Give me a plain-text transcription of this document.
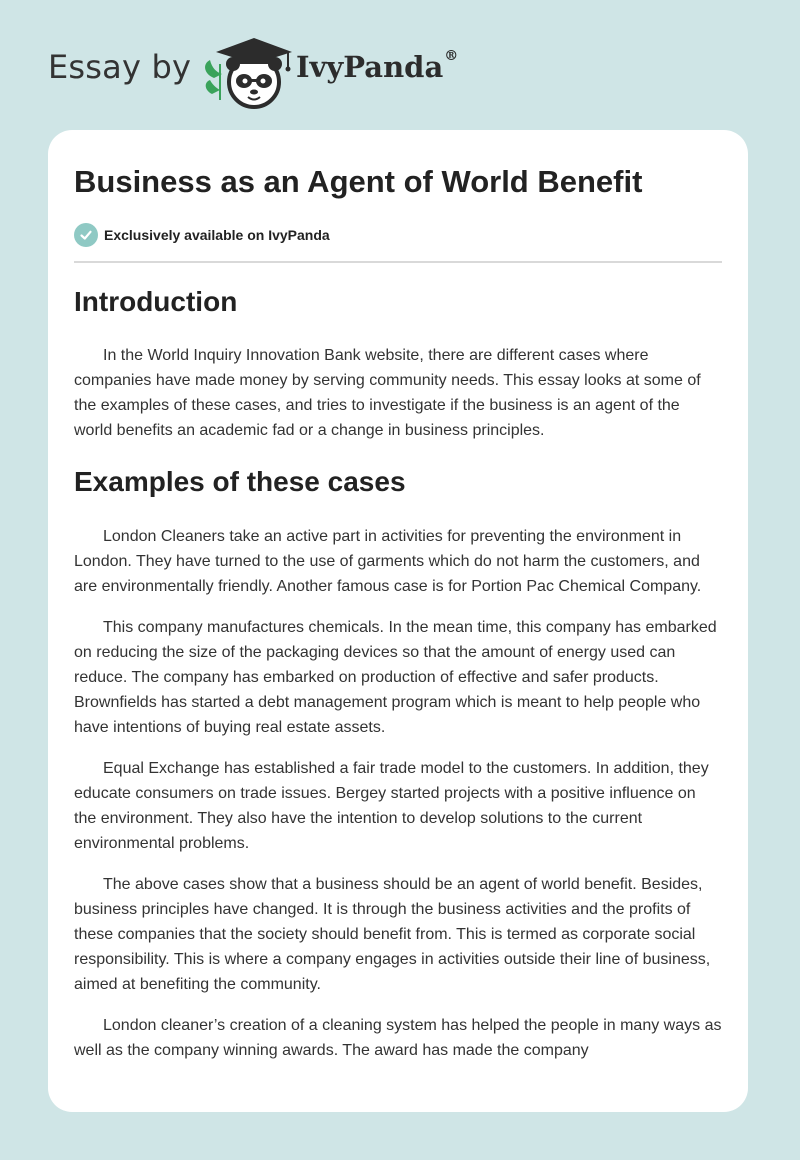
Essay by	IvyPanda®
Business as an Agent of World Benefit
Exclusively available on IvyPanda
Introduction

In the World Inquiry Innovation Bank website, there are different cases where companies have made money by serving community needs. This essay looks at some of the examples of these cases, and tries to investigate if the business is an agent of the world benefits an academic fad or a change in business principles.

Examples of these cases

London Cleaners take an active part in activities for preventing the environment in London. They have turned to the use of garments which do not harm the customers, and are environmentally friendly. Another famous case is for Portion Pac Chemical Company.

This company manufactures chemicals. In the mean time, this company has embarked on reducing the size of the packaging devices so that the amount of energy used can reduce. The company has embarked on production of effective and safer products. Brownfields has started a debt management program which is meant to help people who have intentions of buying real estate assets.

Equal Exchange has established a fair trade model to the customers. In addition, they educate consumers on trade issues. Bergey started projects with a positive influence on the environment. They also have the intention to develop solutions to the current environmental problems.

The above cases show that a business should be an agent of world benefit. Besides, business principles have changed. It is through the business activities and the profits of these companies that the society should benefit from. This is termed as corporate social responsibility. This is where a company engages in activities outside their line of business, aimed at benefiting the community.

London cleaner’s creation of a cleaning system has helped the people in many ways as well as the company winning awards. The award has made the company
